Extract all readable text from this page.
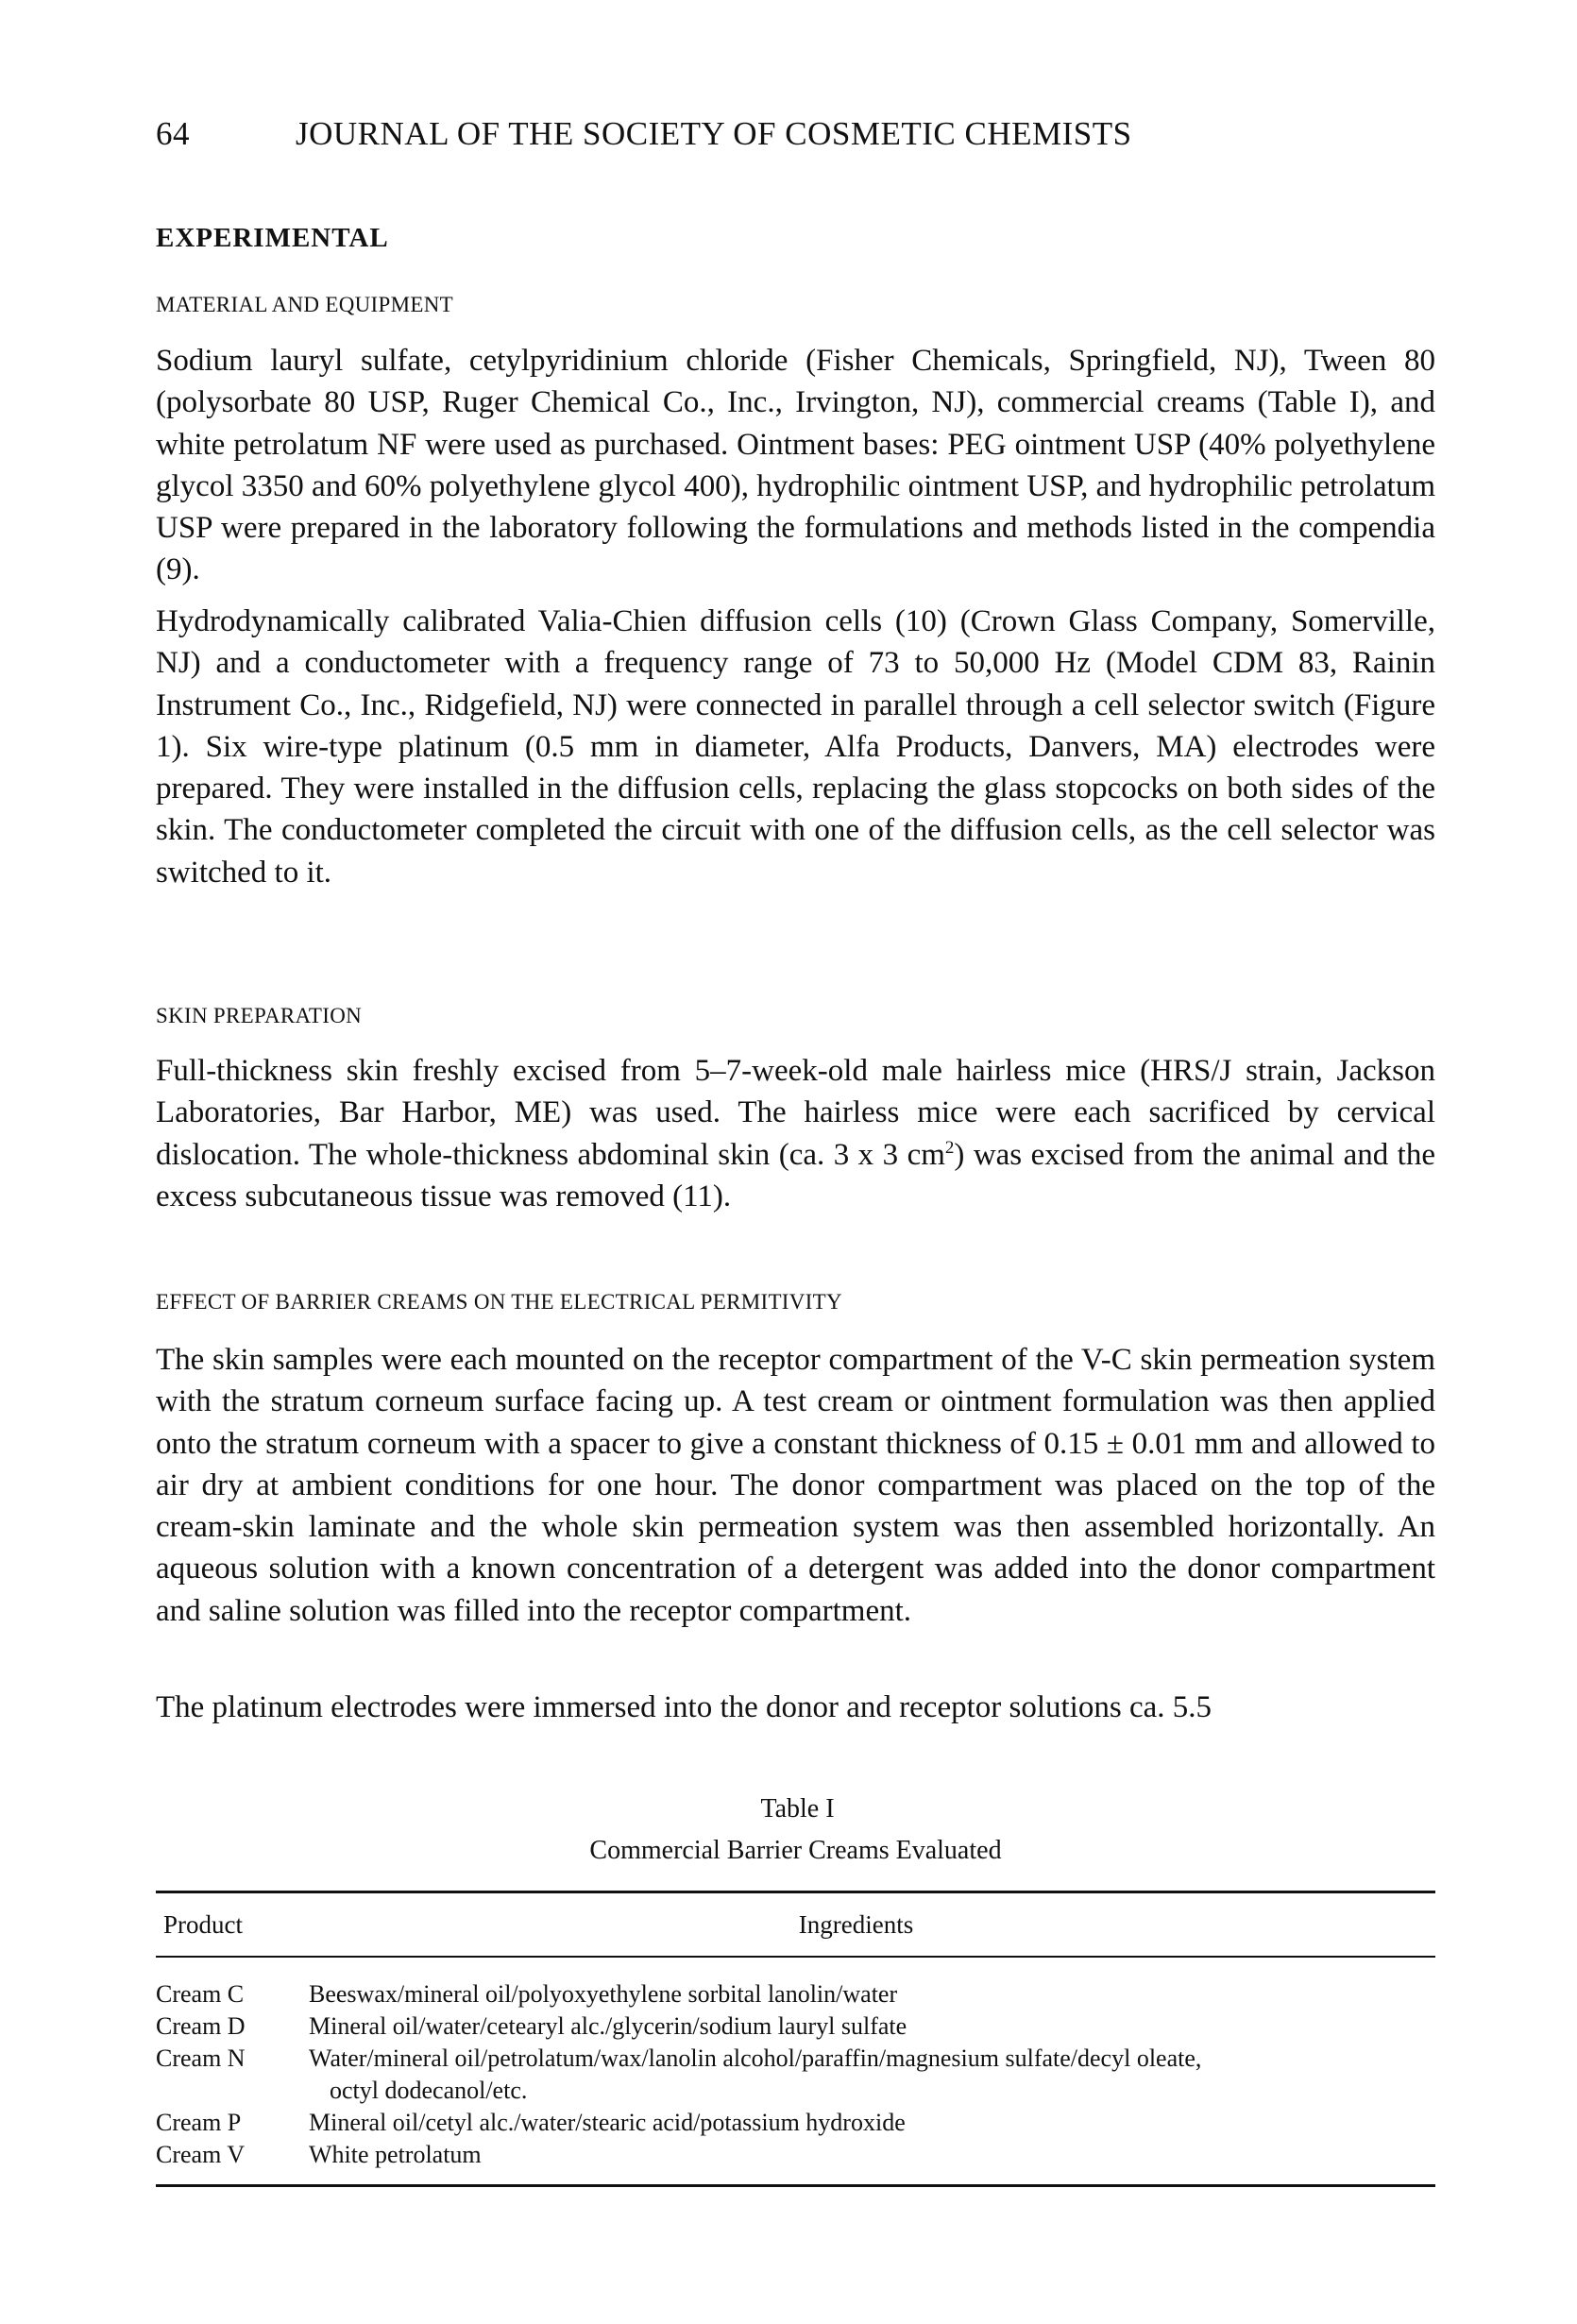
64	JOURNAL OF THE SOCIETY OF COSMETIC CHEMISTS
EXPERIMENTAL
MATERIAL AND EQUIPMENT

Sodium lauryl sulfate, cetylpyridinium chloride (Fisher Chemicals, Springfield, NJ), Tween 80 (polysorbate 80 USP, Ruger Chemical Co., Inc., Irvington, NJ), commercial creams (Table I), and white petrolatum NF were used as purchased. Ointment bases: PEG ointment USP (40% polyethylene glycol 3350 and 60% polyethylene glycol 400), hydrophilic ointment USP, and hydrophilic petrolatum USP were prepared in the laboratory following the formulations and methods listed in the compendia (9).

Hydrodynamically calibrated Valia-Chien diffusion cells (10) (Crown Glass Company, Somerville, NJ) and a conductometer with a frequency range of 73 to 50,000 Hz (Model CDM 83, Rainin Instrument Co., Inc., Ridgefield, NJ) were connected in parallel through a cell selector switch (Figure 1). Six wire-type platinum (0.5 mm in diameter, Alfa Products, Danvers, MA) electrodes were prepared. They were installed in the diffusion cells, replacing the glass stopcocks on both sides of the skin. The conductometer completed the circuit with one of the diffusion cells, as the cell selector was switched to it.

SKIN PREPARATION

Full-thickness skin freshly excised from 5–7-week-old male hairless mice (HRS/J strain, Jackson Laboratories, Bar Harbor, ME) was used. The hairless mice were each sacrificed by cervical dislocation. The whole-thickness abdominal skin (ca. 3 x 3 $cm^2$) was excised from the animal and the excess subcutaneous tissue was removed (11).

EFFECT OF BARRIER CREAMS ON THE ELECTRICAL PERMITIVITY

The skin samples were each mounted on the receptor compartment of the V-C skin permeation system with the stratum corneum surface facing up. A test cream or ointment formulation was then applied onto the stratum corneum with a spacer to give a constant thickness of 0.15 ± 0.01 mm and allowed to air dry at ambient conditions for one hour. The donor compartment was placed on the top of the cream-skin laminate and the whole skin permeation system was then assembled horizontally. An aqueous solution with a known concentration of a detergent was added into the donor compartment and saline solution was filled into the receptor compartment.

The platinum electrodes were immersed into the donor and receptor solutions ca. 5.5

Table I
Commercial Barrier Creams Evaluated
Product	Ingredients
Cream C	Beeswax/mineral oil/polyoxyethylene sorbital lanolin/water
Cream D	Mineral oil/water/cetearyl alc./glycerin/sodium lauryl sulfate
Cream N	Water/mineral oil/petrolatum/wax/lanolin alcohol/paraffin/magnesium sulfate/decyl oleate,
octyl dodecanol/etc.
Cream P	Mineral oil/cetyl alc./water/stearic acid/potassium hydroxide
Cream V	White petrolatum
